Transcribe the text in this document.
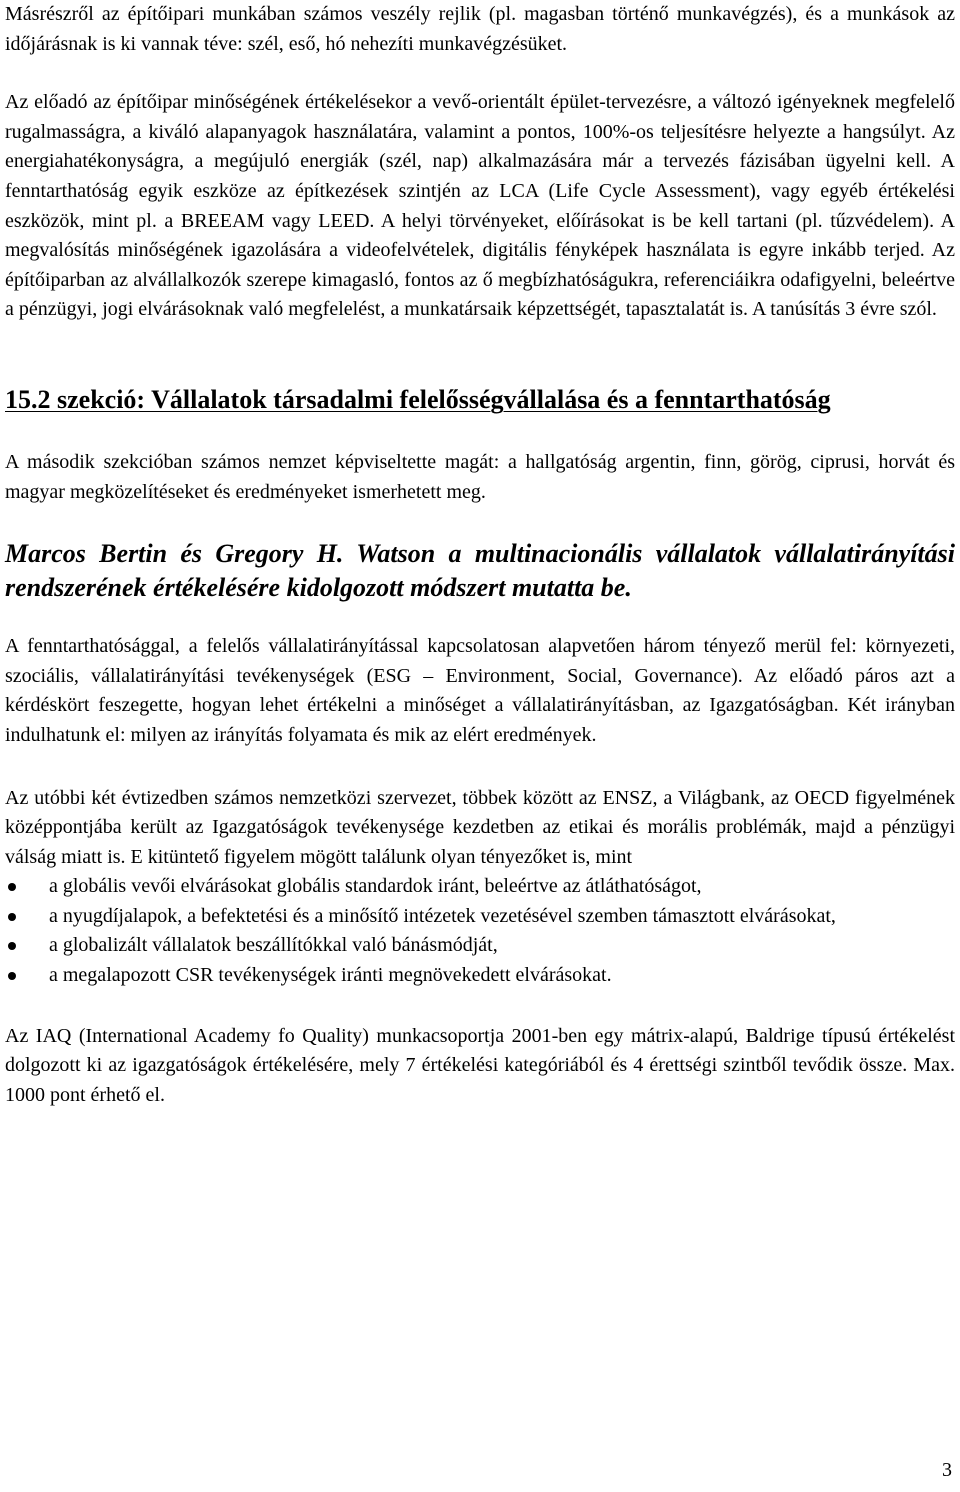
Másrészről az építőipari munkában számos veszély rejlik (pl. magasban történő munkavégzés), és a munkások az időjárásnak is ki vannak téve: szél, eső, hó nehezíti munkavégzésüket.

Az előadó az építőipar minőségének értékelésekor a vevő-orientált épület-tervezésre, a változó igényeknek megfelelő rugalmasságra, a kiváló alapanyagok használatára, valamint a pontos, 100%-os teljesítésre helyezte a hangsúlyt. Az energiahatékonyságra, a megújuló energiák (szél, nap) alkalmazására már a tervezés fázisában ügyelni kell. A fenntarthatóság egyik eszköze az építkezések szintjén az LCA (Life Cycle Assessment), vagy egyéb értékelési eszközök, mint pl. a BREEAM vagy LEED. A helyi törvényeket, előírásokat is be kell tartani (pl. tűzvédelem). A megvalósítás minőségének igazolására a videofelvételek, digitális fényképek használata is egyre inkább terjed. Az építőiparban az alvállalkozók szerepe kimagasló, fontos az ő megbízhatóságukra, referenciáikra odafigyelni, beleértve a pénzügyi, jogi elvárásoknak való megfelelést, a munkatársaik képzettségét, tapasztalatát is. A tanúsítás 3 évre szól.

15.2 szekció: Vállalatok társadalmi felelősségvállalása és a fenntarthatóság

A második szekcióban számos nemzet képviseltette magát: a hallgatóság argentin, finn, görög, ciprusi, horvát és magyar megközelítéseket és eredményeket ismerhetett meg.

Marcos Bertin és Gregory H. Watson a multinacionális vállalatok vállalatirányítási rendszerének értékelésére kidolgozott módszert mutatta be.

A fenntarthatósággal, a felelős vállalatirányítással kapcsolatosan alapvetően három tényező merül fel: környezeti, szociális, vállalatirányítási tevékenységek (ESG – Environment, Social, Governance). Az előadó páros azt a kérdéskört feszegette, hogyan lehet értékelni a minőséget a vállalatirányításban, az Igazgatóságban. Két irányban indulhatunk el: milyen az irányítás folyamata és mik az elért eredmények.

Az utóbbi két évtizedben számos nemzetközi szervezet, többek között az ENSZ, a Világbank, az OECD figyelmének középpontjába került az Igazgatóságok tevékenysége kezdetben az etikai és morális problémák, majd a pénzügyi válság miatt is. E kitüntető figyelem mögött találunk olyan tényezőket is, mint

a globális vevői elvárásokat globális standardok iránt, beleértve az átláthatóságot,
a nyugdíjalapok, a befektetési és a minősítő intézetek vezetésével szemben támasztott elvárásokat,
a globalizált vállalatok beszállítókkal való bánásmódját,
a megalapozott CSR tevékenységek iránti megnövekedett elvárásokat.

Az IAQ (International Academy fo Quality) munkacsoportja 2001-ben egy mátrix-alapú, Baldrige típusú értékelést dolgozott ki az igazgatóságok értékelésére, mely 7 értékelési kategóriából és 4 érettségi szintből tevődik össze. Max. 1000 pont érhető el.

3
